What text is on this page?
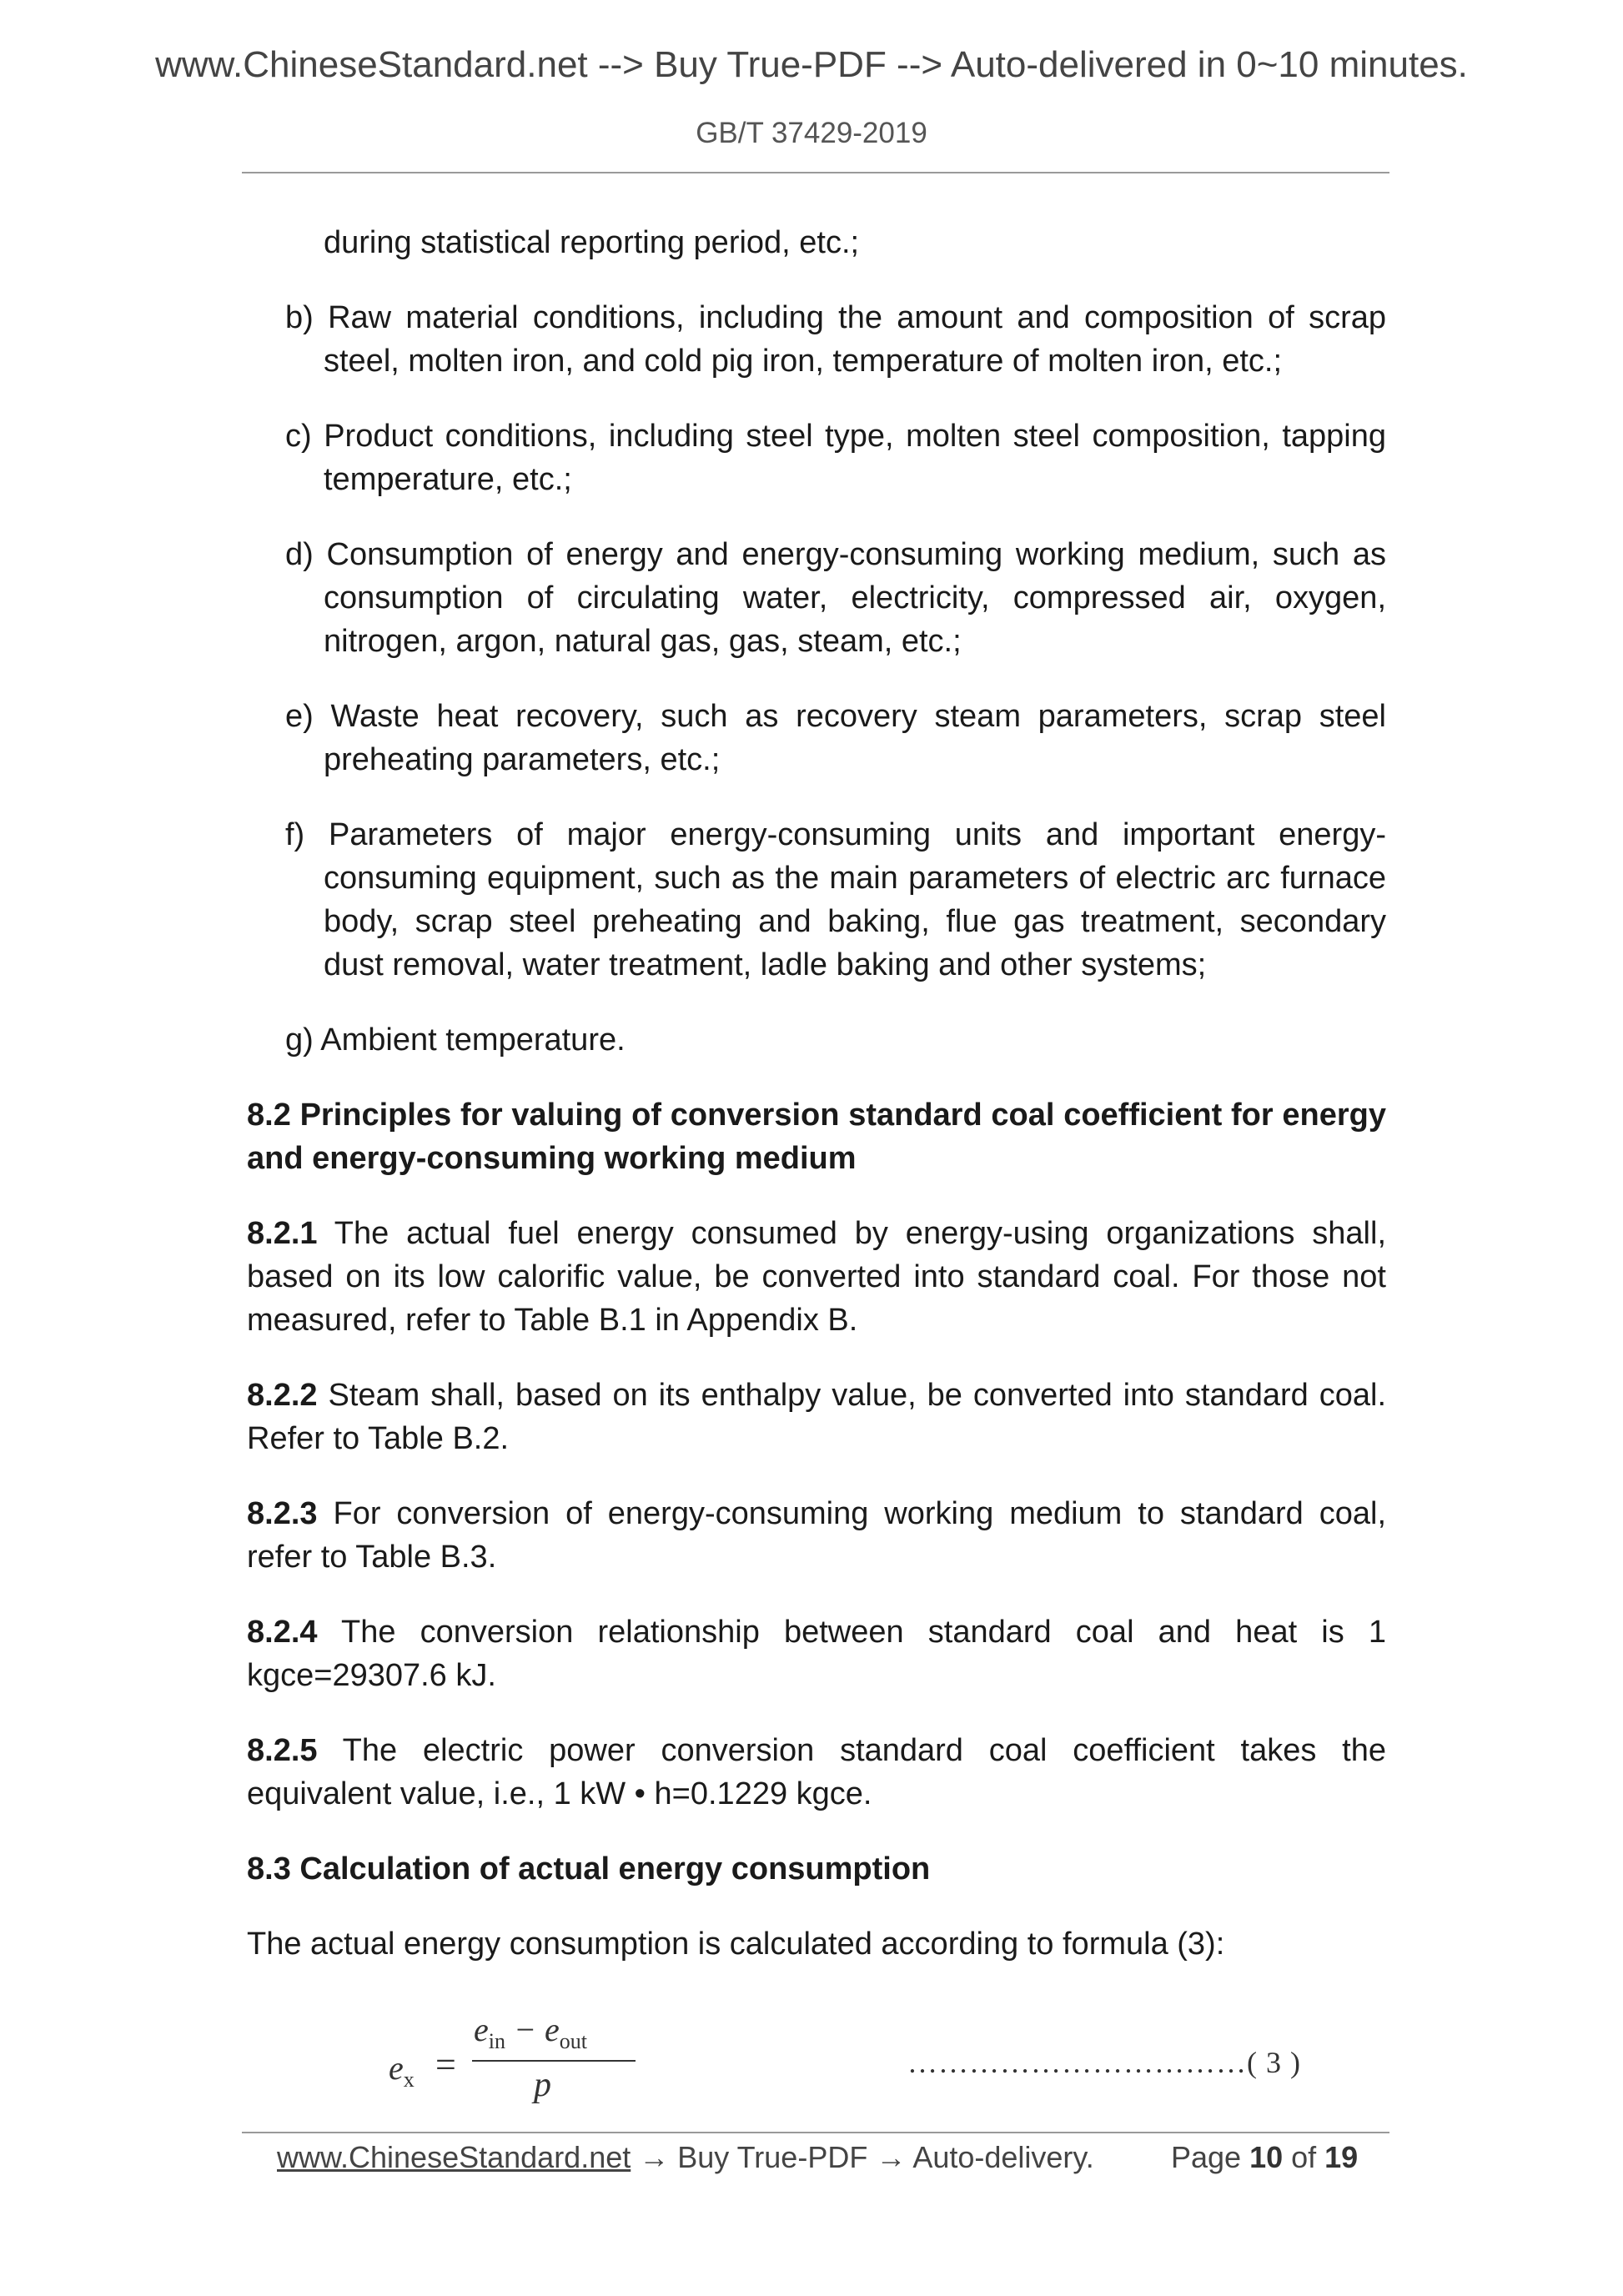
www.ChineseStandard.net --> Buy True-PDF --> Auto-delivered in 0~10 minutes.
GB/T 37429-2019

during statistical reporting period, etc.;

b) Raw material conditions, including the amount and composition of scrap steel, molten iron, and cold pig iron, temperature of molten iron, etc.;

c) Product conditions, including steel type, molten steel composition, tapping temperature, etc.;

d) Consumption of energy and energy-consuming working medium, such as consumption of circulating water, electricity, compressed air, oxygen, nitrogen, argon, natural gas, gas, steam, etc.;

e) Waste heat recovery, such as recovery steam parameters, scrap steel preheating parameters, etc.;

f) Parameters of major energy-consuming units and important energy-consuming equipment, such as the main parameters of electric arc furnace body, scrap steel preheating and baking, flue gas treatment, secondary dust removal, water treatment, ladle baking and other systems;

g) Ambient temperature.

8.2 Principles for valuing of conversion standard coal coefficient for energy and energy-consuming working medium

8.2.1 The actual fuel energy consumed by energy-using organizations shall, based on its low calorific value, be converted into standard coal. For those not measured, refer to Table B.1 in Appendix B.

8.2.2 Steam shall, based on its enthalpy value, be converted into standard coal. Refer to Table B.2.

8.2.3 For conversion of energy-consuming working medium to standard coal, refer to Table B.3.

8.2.4 The conversion relationship between standard coal and heat is 1 kgce=29307.6 kJ.

8.2.5 The electric power conversion standard coal coefficient takes the equivalent value, i.e., 1 kW • h=0.1229 kgce.

8.3 Calculation of actual energy consumption

The actual energy consumption is calculated according to formula (3):

$e_x$ =
$e_{in} - e_{out}$
p
……………………………( 3 )
www.ChineseStandard.net → Buy True-PDF → Auto-delivery.	Page 10 of 19
